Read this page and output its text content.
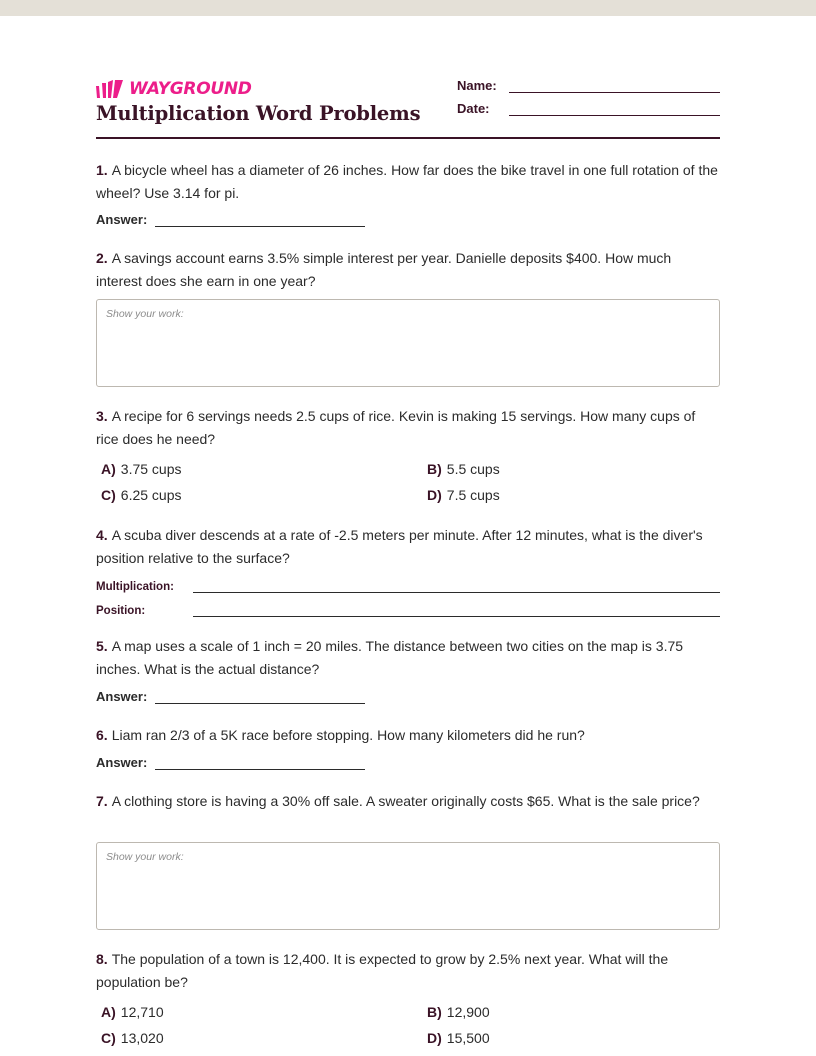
WAYGROUND
Multiplication Word Problems
Name:
Date:
1. A bicycle wheel has a diameter of 26 inches. How far does the bike travel in one full rotation of the wheel? Use 3.14 for pi.
Answer:
2. A savings account earns 3.5% simple interest per year. Danielle deposits $400. How much interest does she earn in one year?
Show your work:
3. A recipe for 6 servings needs 2.5 cups of rice. Kevin is making 15 servings. How many cups of rice does he need?
A) 3.75 cups	B) 5.5 cups
C) 6.25 cups	D) 7.5 cups
4. A scuba diver descends at a rate of -2.5 meters per minute. After 12 minutes, what is the diver's position relative to the surface?
Multiplication:
Position:
5. A map uses a scale of 1 inch = 20 miles. The distance between two cities on the map is 3.75 inches. What is the actual distance?
Answer:
6. Liam ran 2/3 of a 5K race before stopping. How many kilometers did he run?
Answer:
7. A clothing store is having a 30% off sale. A sweater originally costs $65. What is the sale price?
Show your work:
8. The population of a town is 12,400. It is expected to grow by 2.5% next year. What will the population be?
A) 12,710	B) 12,900
C) 13,020	D) 15,500
